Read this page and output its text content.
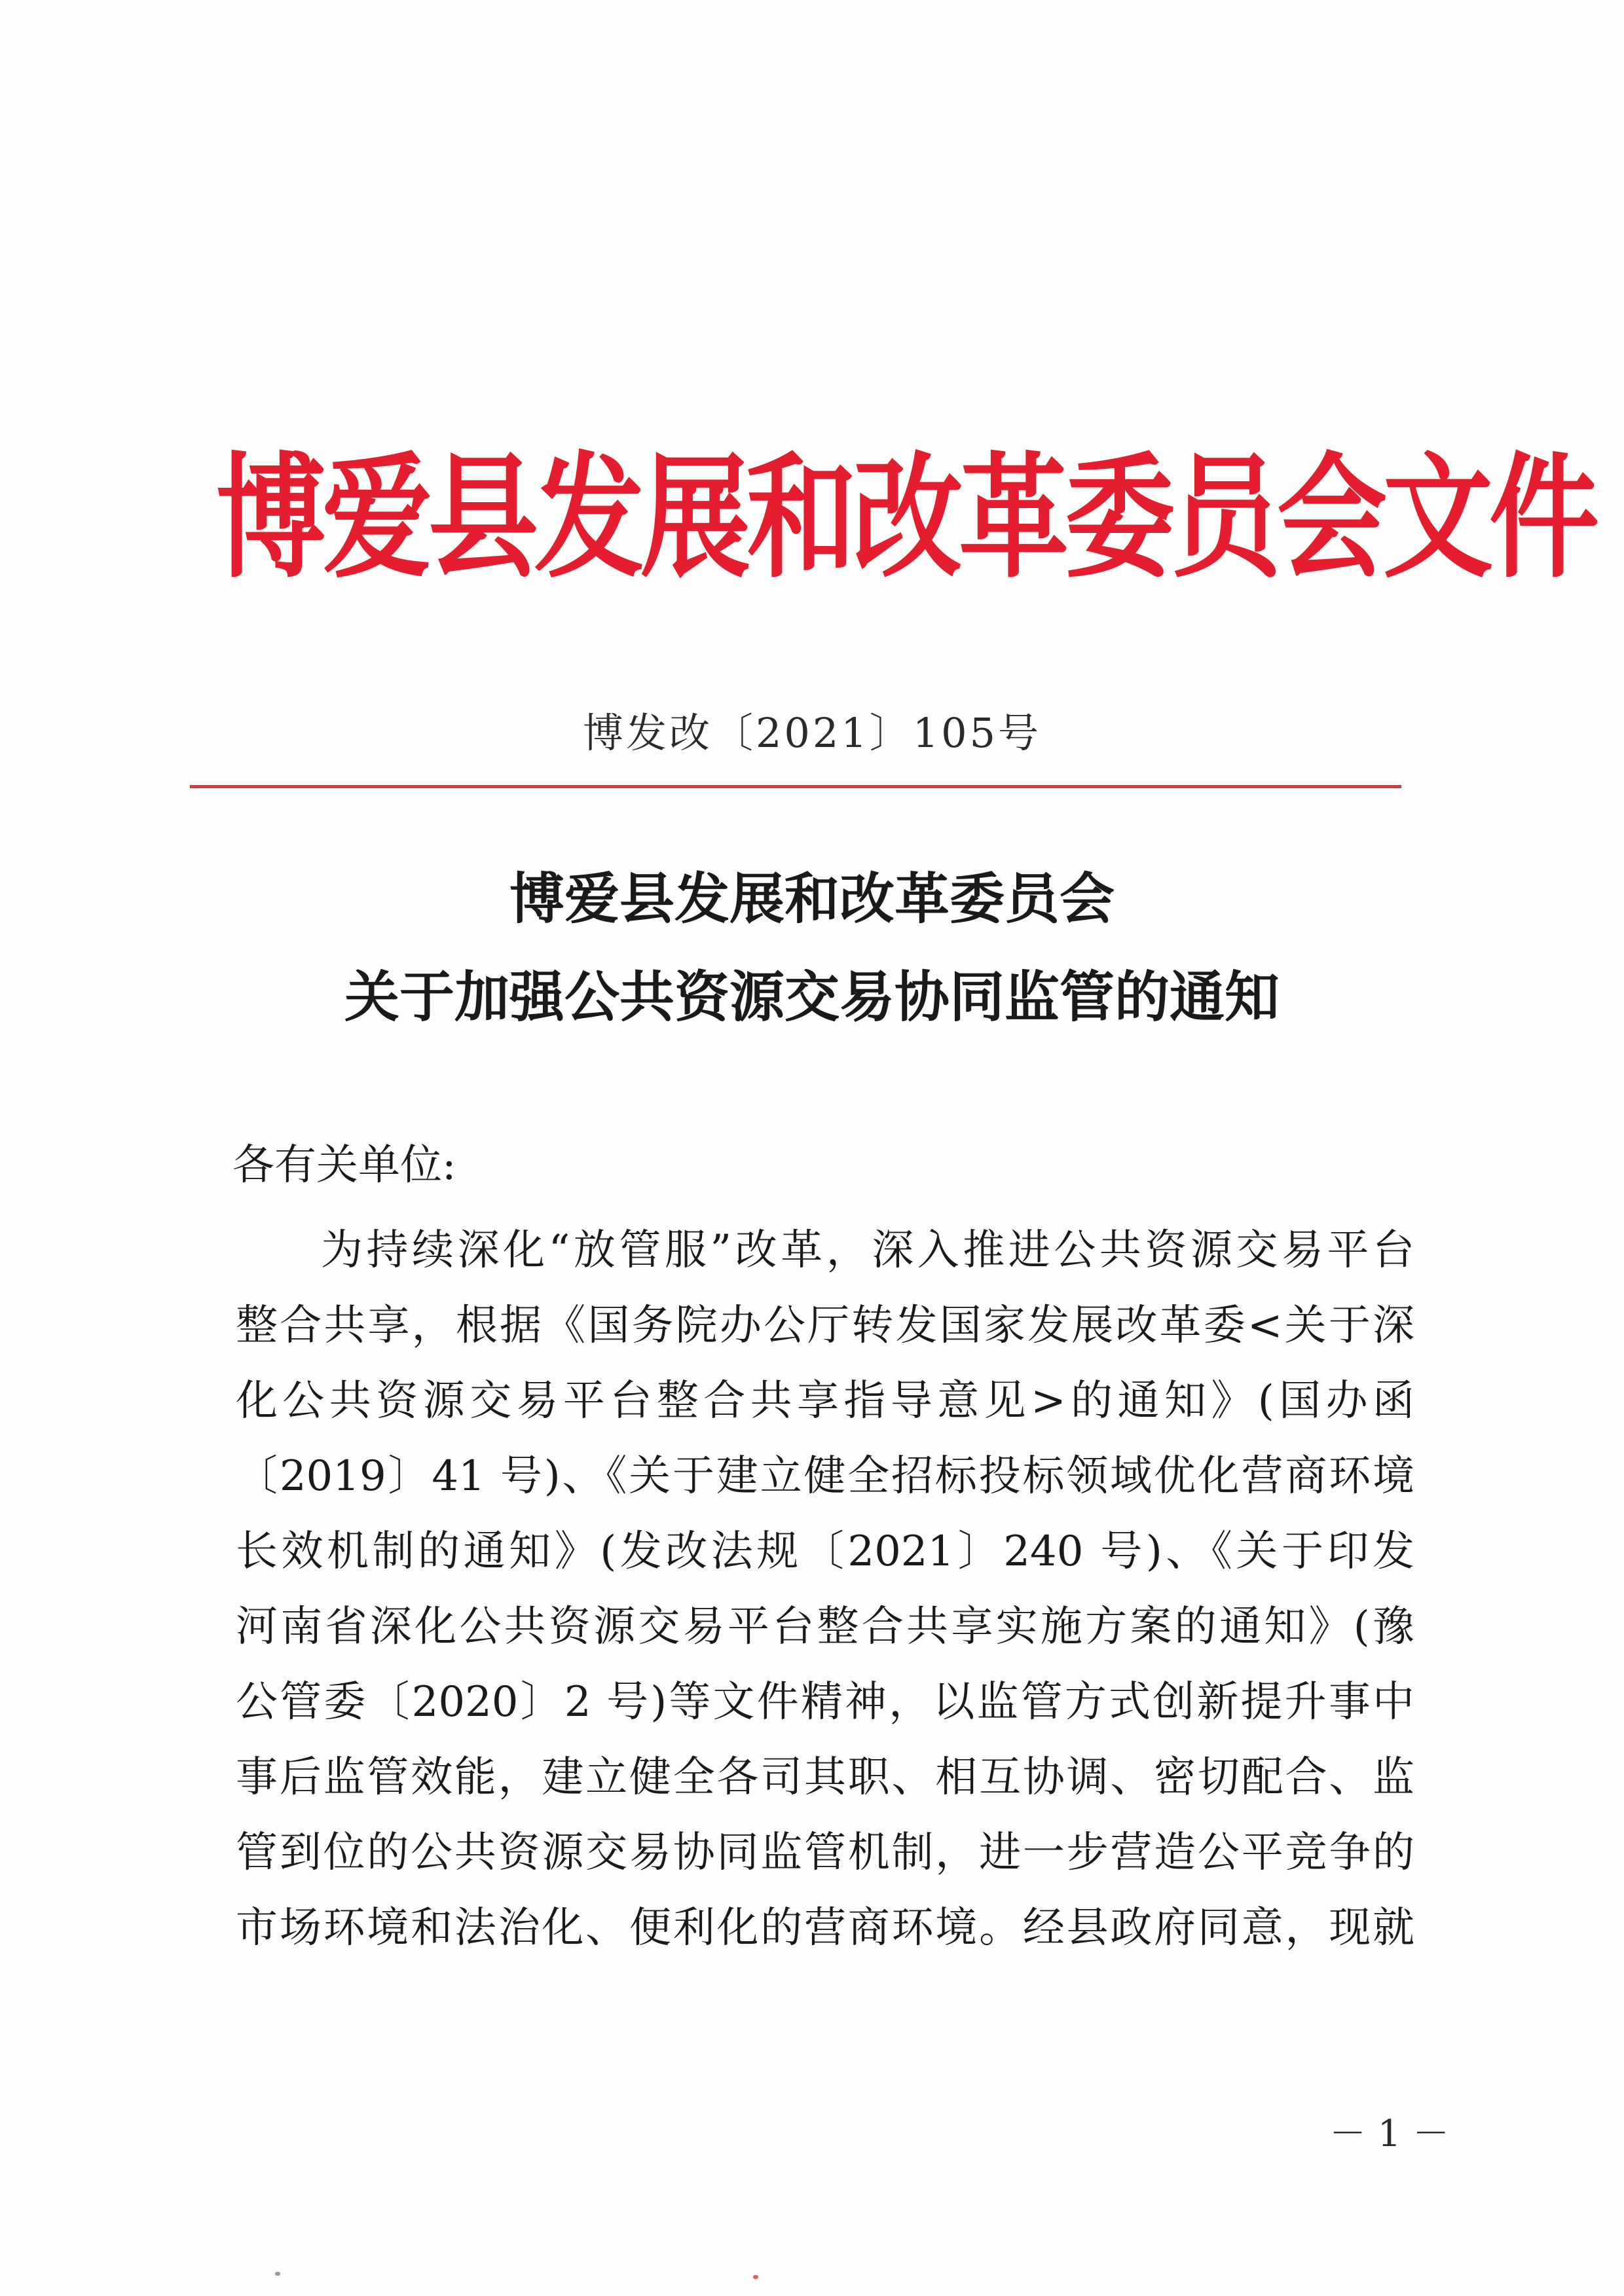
博爱县发展和改革委员会文件
博发改〔2021〕105号
博爱县发展和改革委员会
关于加强公共资源交易协同监管的通知
各有关单位:
为持续深化“放管服”改革，深入推进公共资源交易平台
整合共享，根据《国务院办公厅转发国家发展改革委<关于深
化公共资源交易平台整合共享指导意见>的通知》(国办函
〔2019〕41 号)、《关于建立健全招标投标领域优化营商环境
长效机制的通知》(发改法规〔2021〕240 号)、《关于印发
河南省深化公共资源交易平台整合共享实施方案的通知》(豫
公管委〔2020〕2 号)等文件精神，以监管方式创新提升事中
事后监管效能，建立健全各司其职、相互协调、密切配合、监
管到位的公共资源交易协同监管机制，进一步营造公平竞争的
市场环境和法治化、便利化的营商环境。经县政府同意，现就
－ 1 －
